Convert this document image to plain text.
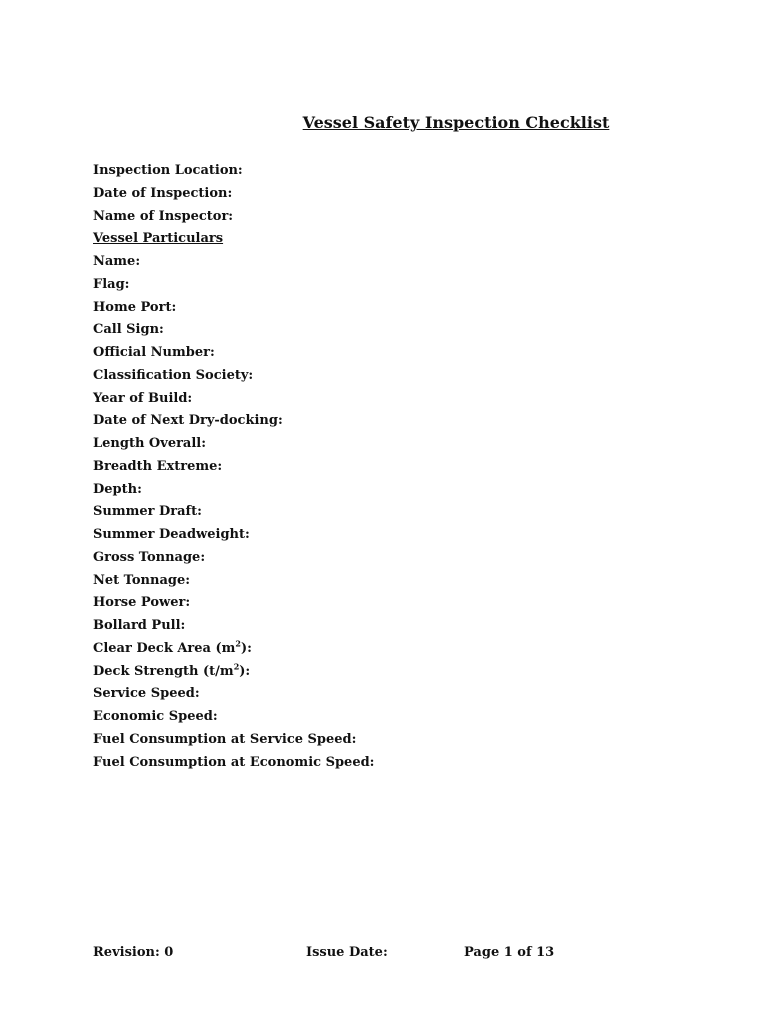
Vessel Safety Inspection Checklist
Inspection Location:
Date of Inspection:
Name of Inspector:
Vessel Particulars
Name:
Flag:
Home Port:
Call Sign:
Official Number:
Classification Society:
Year of Build:
Date of Next Dry-docking:
Length Overall:
Breadth Extreme:
Depth:
Summer Draft:
Summer Deadweight:
Gross Tonnage:
Net Tonnage:
Horse Power:
Bollard Pull:
Clear Deck Area $(m^2)$:
Deck Strength $(t/m^2)$:
Service Speed:
Economic Speed:
Fuel Consumption at Service Speed:
Fuel Consumption at Economic Speed:
Revision: 0	Issue Date:	Page 1 of 13
